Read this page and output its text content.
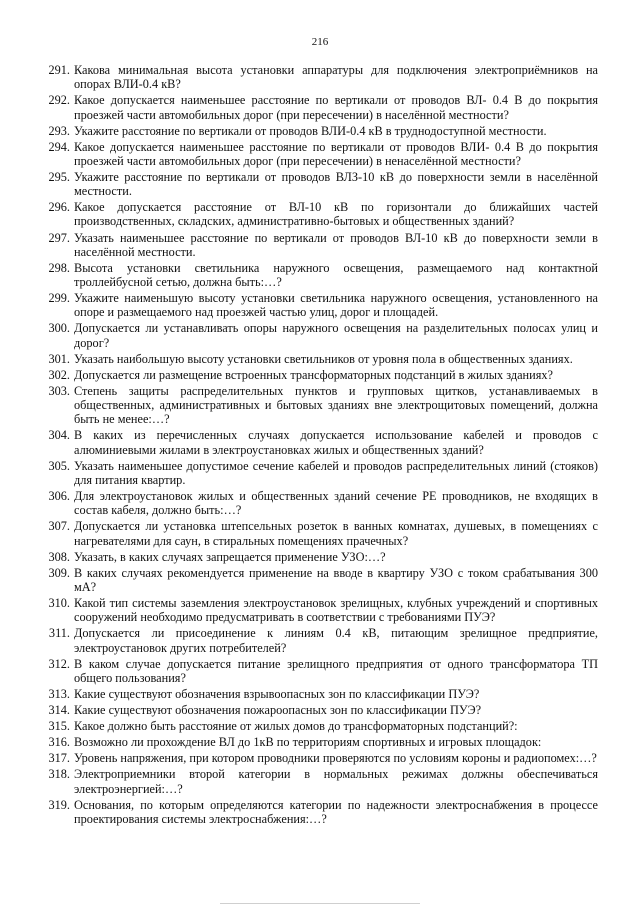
216
291. Какова минимальная высота установки аппаратуры для подключения электроприёмников на опорах ВЛИ-0.4 кВ?
292. Какое допускается наименьшее расстояние по вертикали от проводов ВЛ- 0.4 В до покрытия проезжей части автомобильных дорог (при пересечении) в населённой местности?
293. Укажите расстояние по вертикали от проводов ВЛИ-0.4 кВ в труднодоступной местности.
294. Какое допускается наименьшее расстояние по вертикали от проводов ВЛИ- 0.4 В до покрытия проезжей части автомобильных дорог (при пересечении) в ненаселённой местности?
295. Укажите расстояние по вертикали от проводов ВЛЗ-10 кВ до поверхности земли в населённой местности.
296. Какое допускается расстояние от ВЛ-10 кВ по горизонтали до ближайших частей производственных, складских, административно-бытовых и общественных зданий?
297. Указать наименьшее расстояние по вертикали от проводов ВЛ-10 кВ до поверхности земли в населённой местности.
298. Высота установки светильника наружного освещения, размещаемого над контактной троллейбусной сетью, должна быть:…?
299. Укажите наименьшую высоту установки светильника наружного освещения, установленного на опоре и размещаемого над проезжей частью улиц, дорог и площадей.
300. Допускается ли устанавливать опоры наружного освещения на разделительных полосах улиц и дорог?
301. Указать наибольшую высоту установки светильников от уровня пола в общественных зданиях.
302. Допускается ли размещение встроенных трансформаторных подстанций в жилых зданиях?
303. Степень защиты распределительных пунктов и групповых щитков, устанавливаемых в общественных, административных и бытовых зданиях вне электрощитовых помещений, должна быть не менее:…?
304. В каких из перечисленных случаях допускается использование кабелей и проводов с алюминиевыми жилами в электроустановках жилых и общественных зданий?
305. Указать наименьшее допустимое сечение кабелей и проводов распределительных линий (стояков) для питания квартир.
306. Для электроустановок жилых и общественных зданий сечение РЕ проводников, не входящих в состав кабеля, должно быть:…?
307. Допускается ли установка штепсельных розеток в ванных комнатах, душевых, в помещениях с нагревателями для саун, в стиральных помещениях прачечных?
308. Указать, в каких случаях запрещается применение УЗО:…?
309. В каких случаях рекомендуется применение на вводе в квартиру УЗО с током срабатывания 300 мА?
310. Какой тип системы заземления электроустановок зрелищных, клубных учреждений и спортивных сооружений необходимо предусматривать в соответствии с требованиями ПУЭ?
311. Допускается ли присоединение к линиям 0.4 кВ, питающим зрелищное предприятие, электроустановок других потребителей?
312. В каком случае допускается питание зрелищного предприятия от одного трансформатора ТП общего пользования?
313. Какие существуют обозначения взрывоопасных зон по классификации ПУЭ?
314. Какие существуют обозначения пожароопасных зон по классификации ПУЭ?
315. Какое должно быть расстояние от жилых домов до трансформаторных подстанций?:
316. Возможно ли прохождение ВЛ до 1кВ по территориям спортивных и игровых площадок:
317. Уровень напряжения, при котором проводники проверяются по условиям короны и радиопомех:…?
318. Электроприемники второй категории в нормальных режимах должны обеспечиваться электроэнергией:…?
319. Основания, по которым определяются категории по надежности электроснабжения в процессе проектирования системы электроснабжения:…?
